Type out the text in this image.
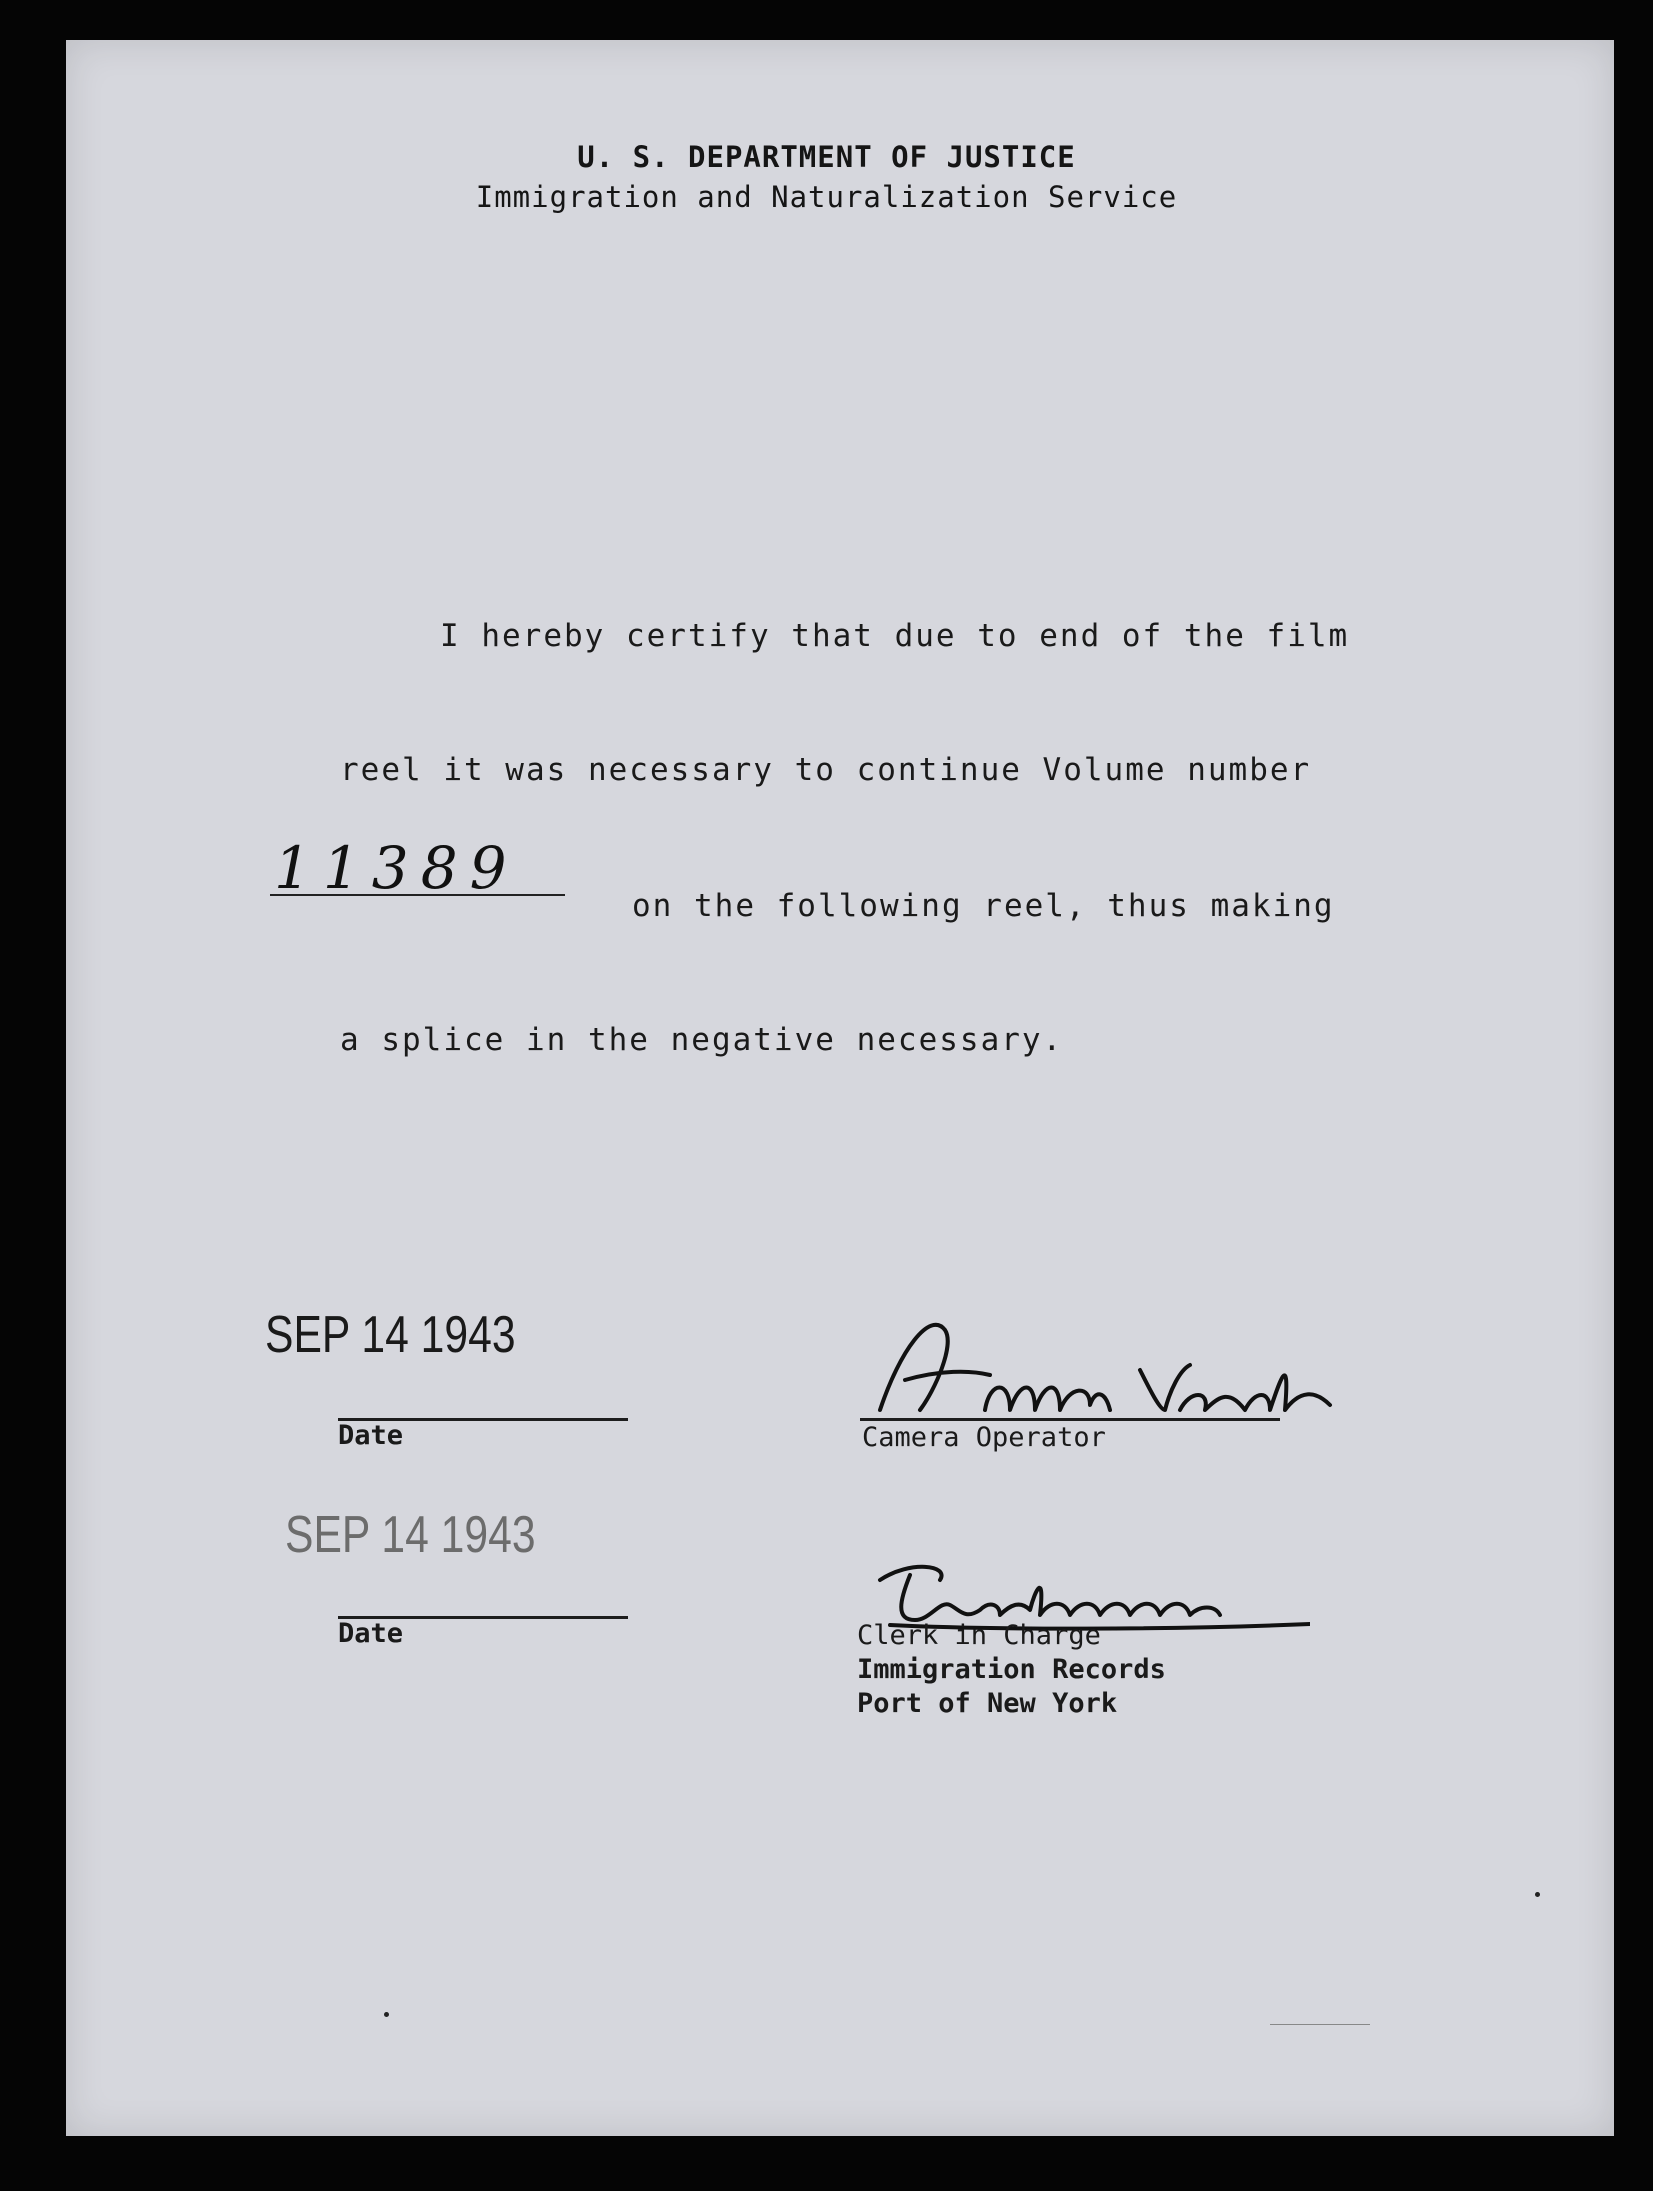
U. S. DEPARTMENT OF JUSTICE
Immigration and Naturalization Service
I hereby certify that due to end of the film
reel it was necessary to continue Volume number
11389
on the following reel, thus making
a splice in the negative necessary.
SEP 14 1943
Date	Camera Operator
SEP 14 1943
Date	Clerk in Charge
Immigration Records
Port of New York
